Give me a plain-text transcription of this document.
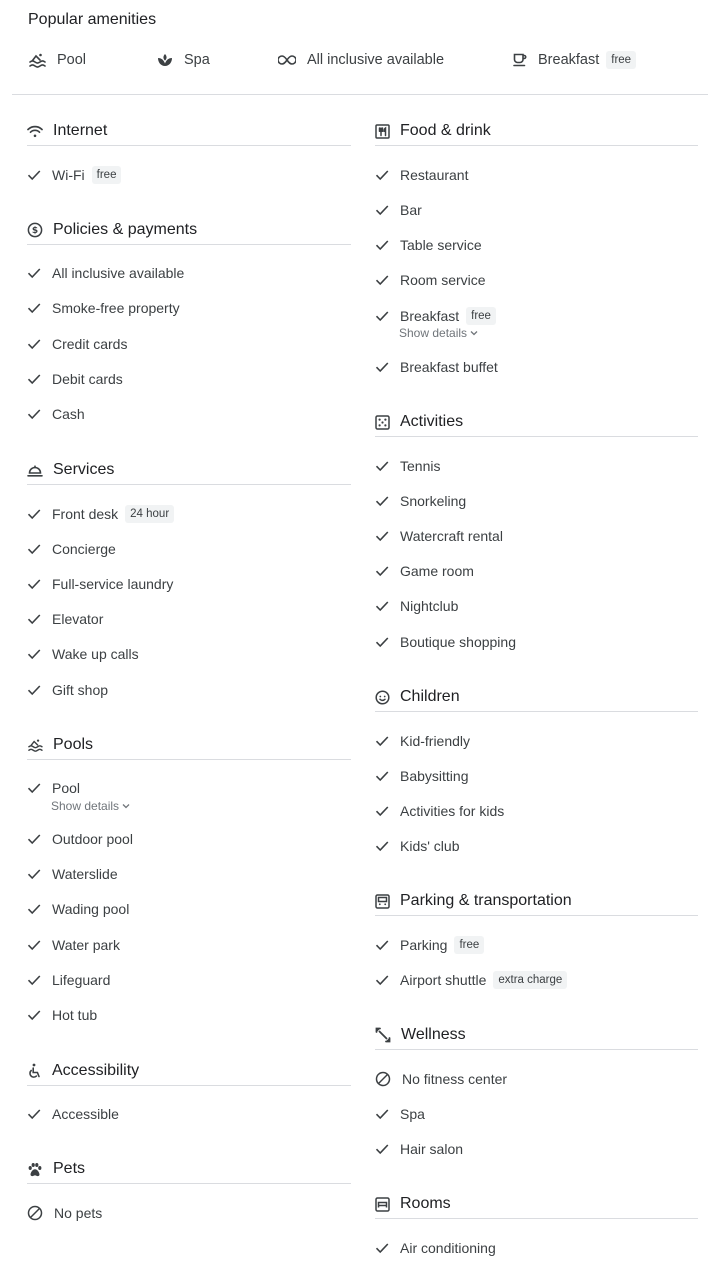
Popular amenities
Pool	Spa	All inclusive available	Breakfast	free
Internet
Wi-Fi	free
$ Policies & payments
All inclusive available
Smoke-free property
Credit cards
Debit cards
Cash
Services
Front desk	24 hour
Concierge
Full-service laundry
Elevator
Wake up calls
Gift shop
Pools
Pool
Show details
Outdoor pool
Waterslide
Wading pool
Water park
Lifeguard
Hot tub
Accessibility
Accessible
Pets
No pets
Food & drink
Restaurant
Bar
Table service
Room service
Breakfast	free
Show details
Breakfast buffet
Activities
Tennis
Snorkeling
Watercraft rental
Game room
Nightclub
Boutique shopping
Children
Kid-friendly
Babysitting
Activities for kids
Kids' club
Parking & transportation
Parking	free
Airport shuttle	extra charge
Wellness
No fitness center
Spa
Hair salon
Rooms
Air conditioning
